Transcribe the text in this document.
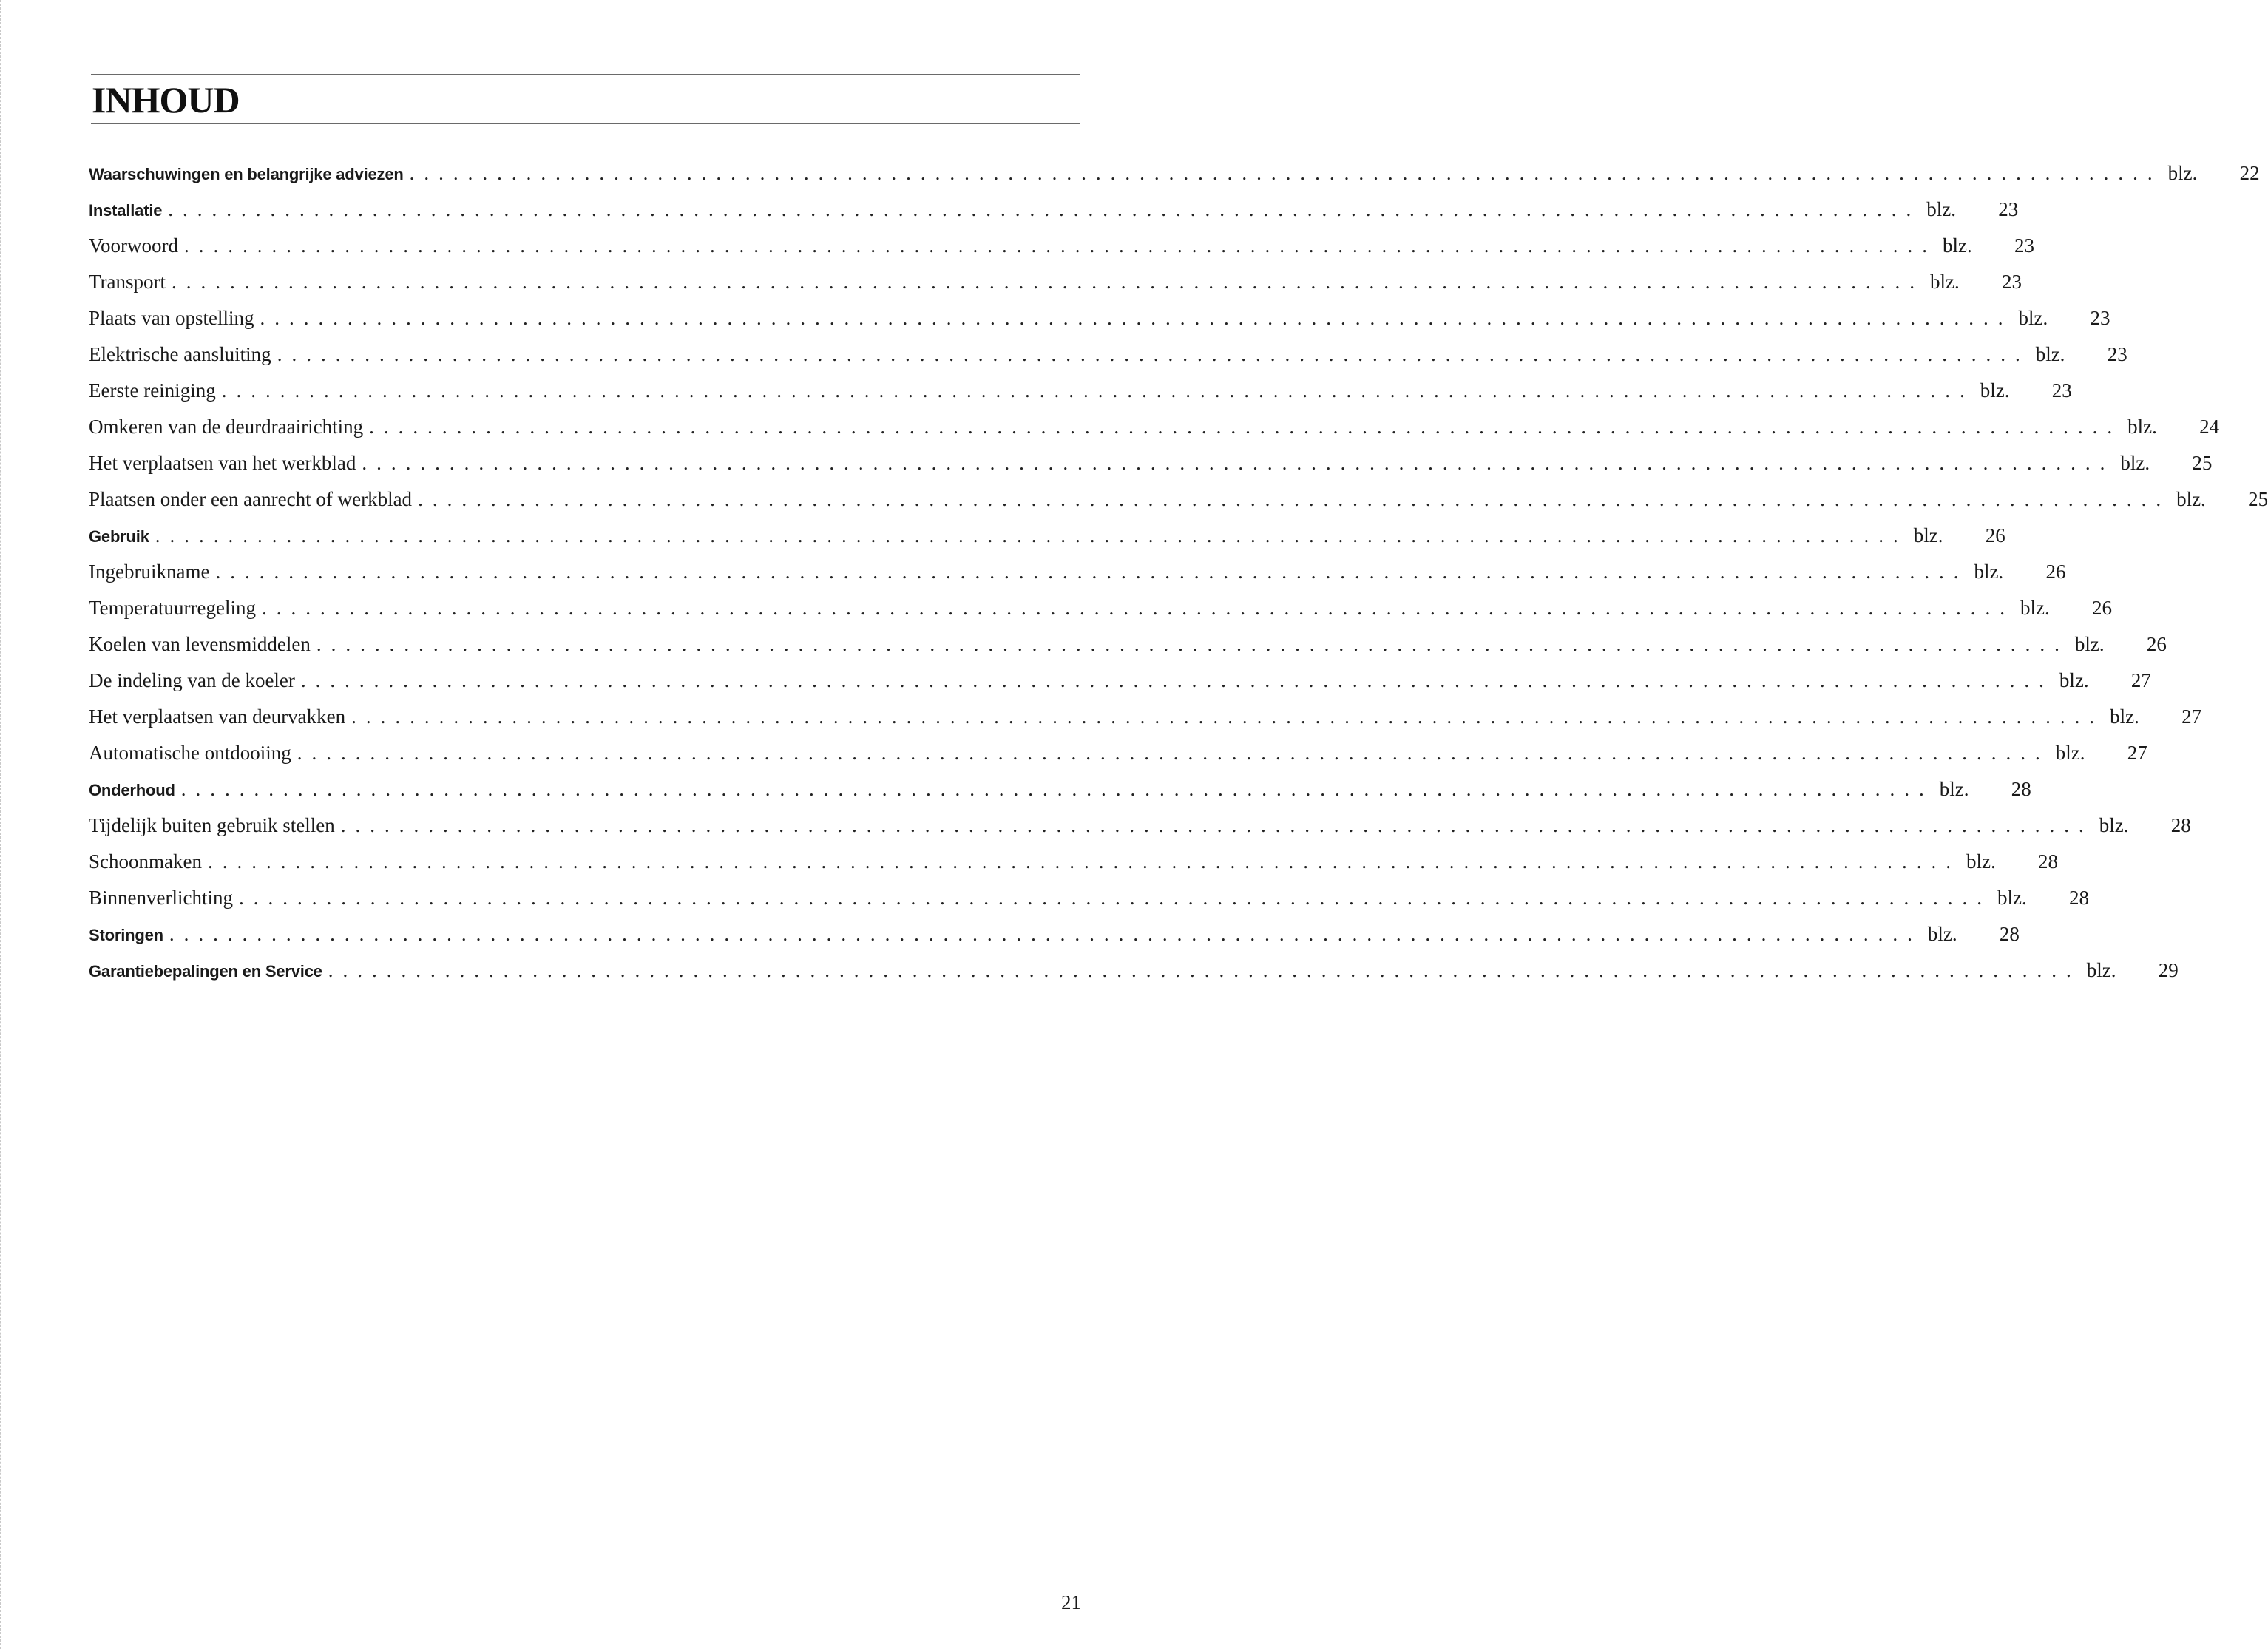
INHOUD
Waarschuwingen en belangrijke adviezen ........................................................................................................................ blz.	22
Installatie ........................................................................................................................ blz.	23
Voorwoord ........................................................................................................................ blz.	23
Transport ........................................................................................................................ blz.	23
Plaats van opstelling ........................................................................................................................ blz.	23
Elektrische aansluiting ........................................................................................................................ blz.	23
Eerste reiniging ........................................................................................................................ blz.	23
Omkeren van de deurdraairichting ........................................................................................................................ blz.	24
Het verplaatsen van het werkblad ........................................................................................................................ blz.	25
Plaatsen onder een aanrecht of werkblad ........................................................................................................................ blz.	25
Gebruik ........................................................................................................................ blz.	26
Ingebruikname ........................................................................................................................ blz.	26
Temperatuurregeling ........................................................................................................................ blz.	26
Koelen van levensmiddelen ........................................................................................................................ blz.	26
De indeling van de koeler ........................................................................................................................ blz.	27
Het verplaatsen van deurvakken ........................................................................................................................ blz.	27
Automatische ontdooiing ........................................................................................................................ blz.	27
Onderhoud ........................................................................................................................ blz.	28
Tijdelijk buiten gebruik stellen ........................................................................................................................ blz.	28
Schoonmaken ........................................................................................................................ blz.	28
Binnenverlichting ........................................................................................................................ blz.	28
Storingen ........................................................................................................................ blz.	28
Garantiebepalingen en Service ........................................................................................................................ blz.	29
21
